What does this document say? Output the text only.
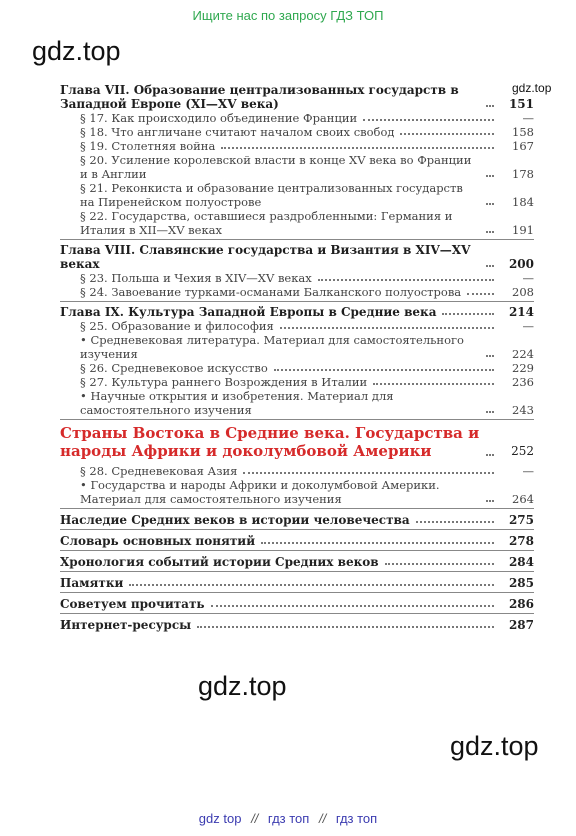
Ищите нас по запросу ГДЗ ТОП
gdz.top
gdz.top
Глава VII. Образование централизованных государств в Западной Европе (XI—XV века)	151
§ 17. Как происходило объединение Франции	—
§ 18. Что англичане считают началом своих свобод	158
§ 19. Столетняя война	167
§ 20. Усиление королевской власти в конце XV века во Франции и в Англии	178
§ 21. Реконкиста и образование централизованных государств на Пиренейском полуострове	184
§ 22. Государства, оставшиеся раздробленными: Германия и Италия в XII—XV веках	191
Глава VIII. Славянские государства и Византия в XIV—XV веках	200
§ 23. Польша и Чехия в XIV—XV веках	—
§ 24. Завоевание турками-османами Балканского полуострова	208
Глава IX. Культура Западной Европы в Средние века	214
§ 25. Образование и философия	—
• Средневековая литература. Материал для самостоятельного изучения	224
§ 26. Средневековое искусство	229
§ 27. Культура раннего Возрождения в Италии	236
• Научные открытия и изобретения. Материал для самостоятельного изучения	243
Страны Востока в Средние века. Государства и народы Африки и доколумбовой Америки	252
§ 28. Средневековая Азия	—
• Государства и народы Африки и доколумбовой Америки. Материал для самостоятельного изучения	264
Наследие Средних веков в истории человечества	275
Словарь основных понятий	278
Хронология событий истории Средних веков	284
Памятки	285
Советуем прочитать	286
Интернет-ресурсы	287
gdz.top
gdz.top
gdz top // гдз топ // гдз топ
